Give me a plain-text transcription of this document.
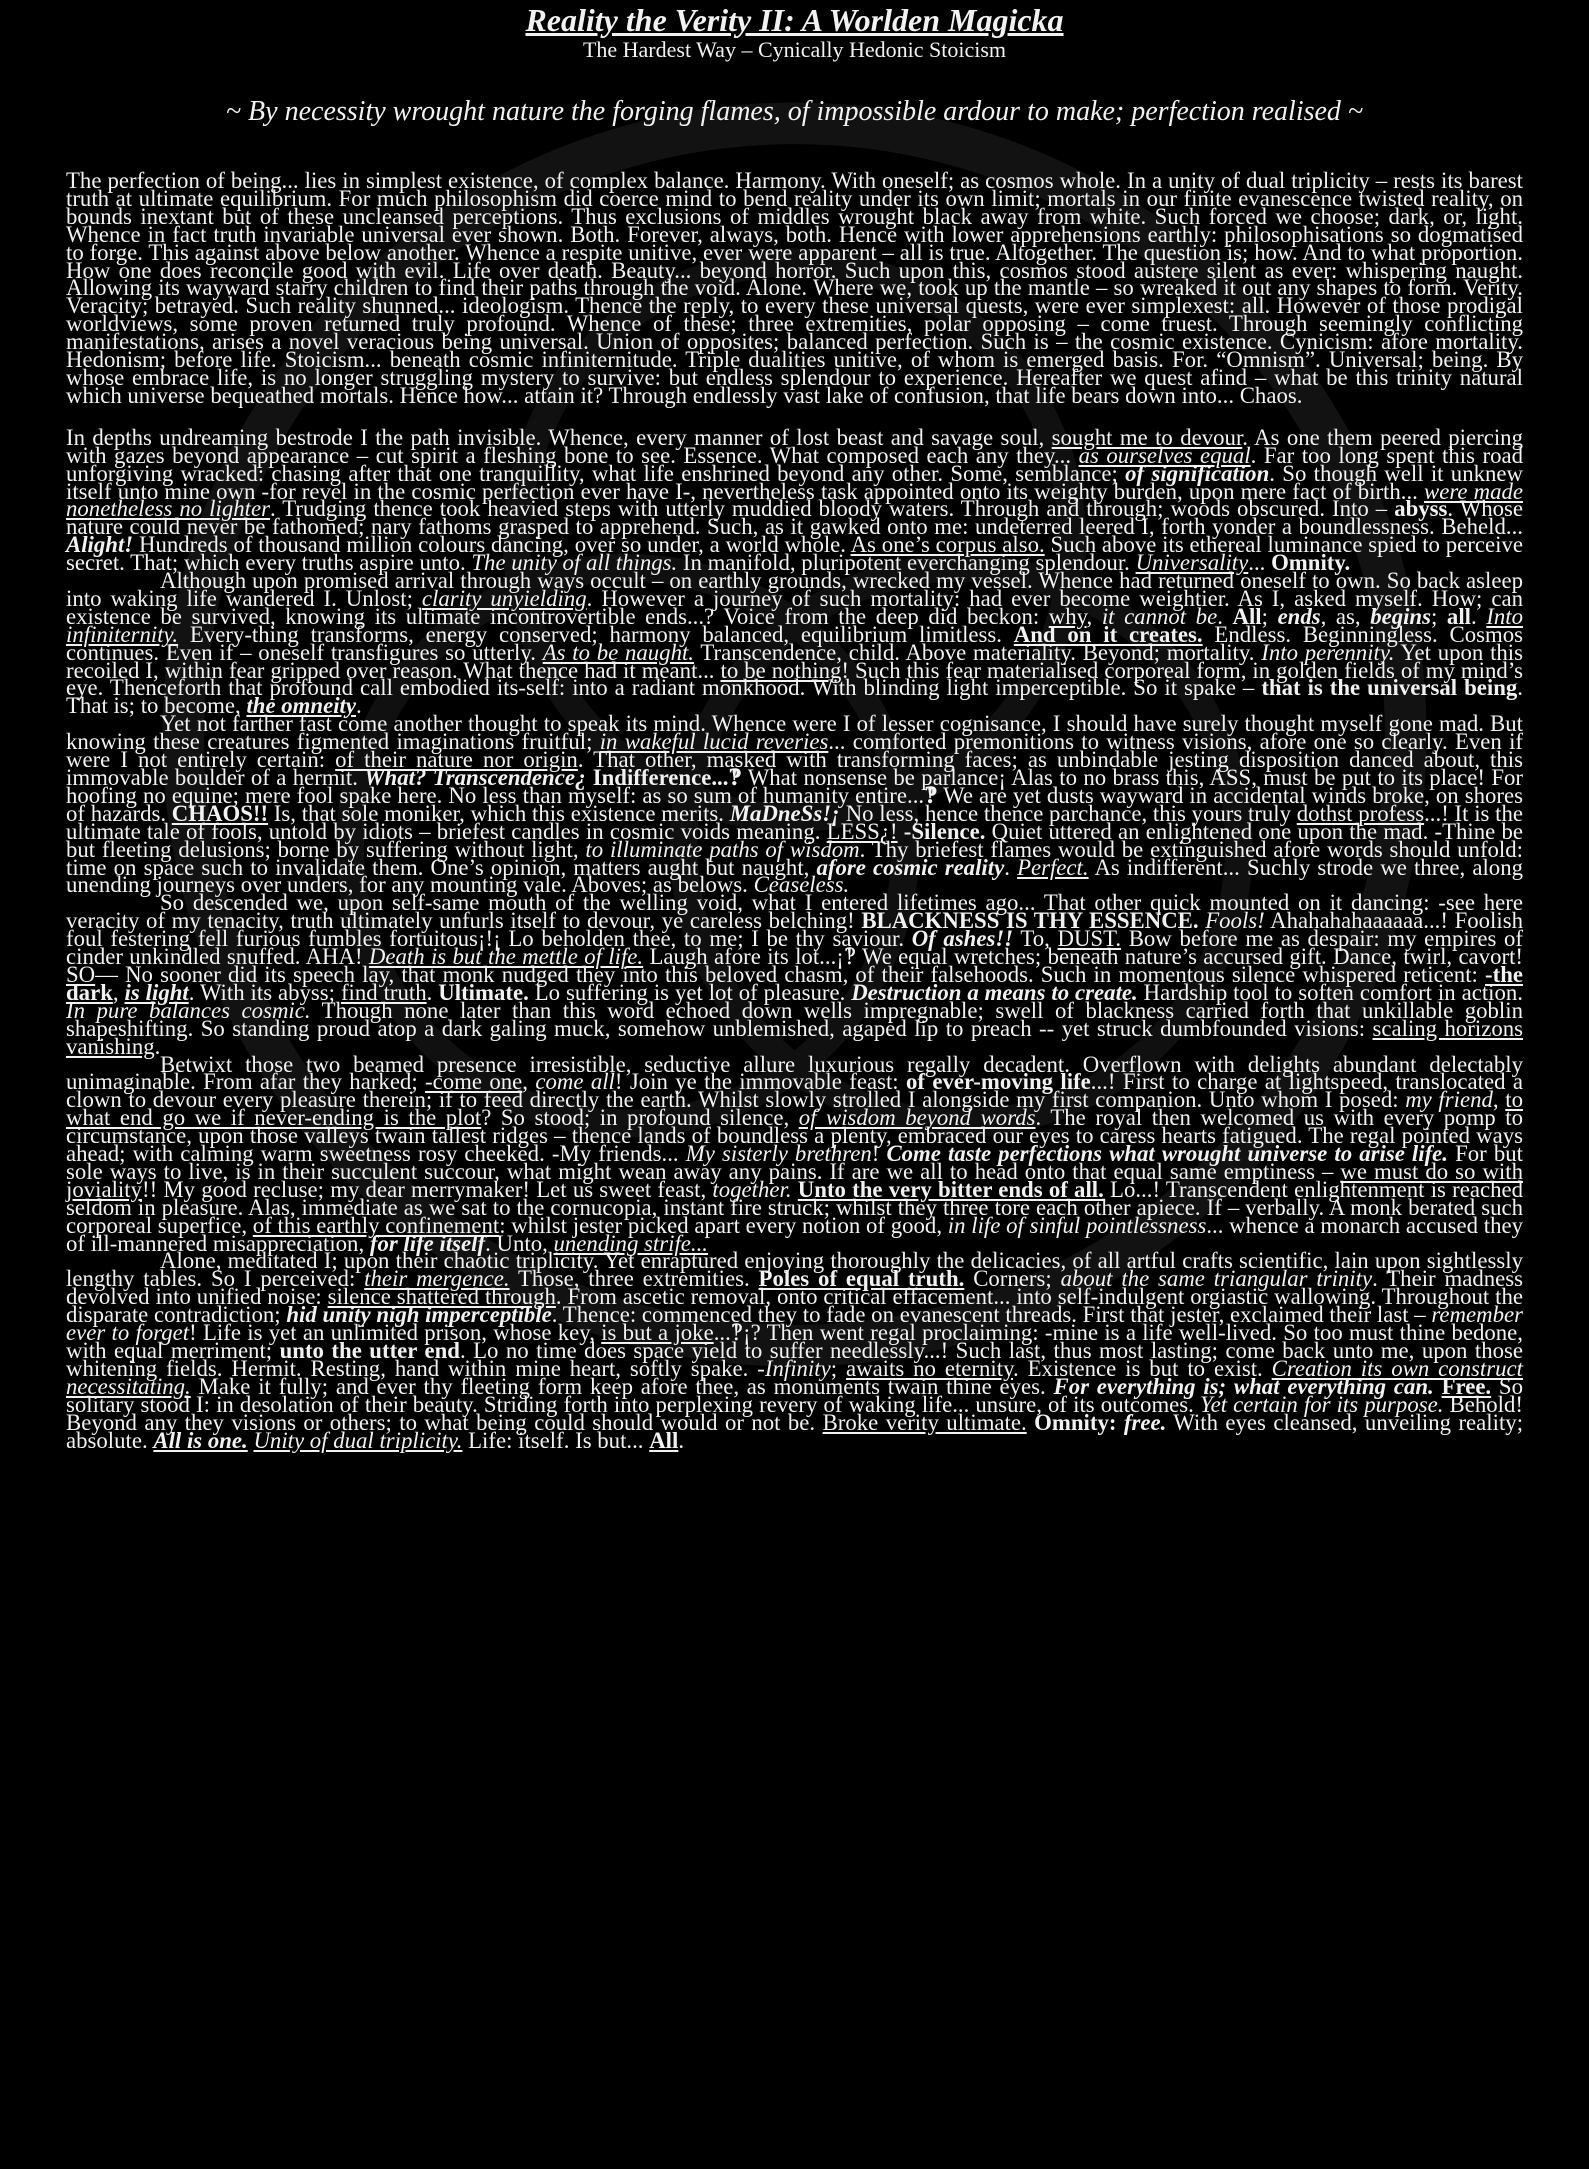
Reality the Verity II: A Worlden Magicka

The Hardest Way – Cynically Hedonic Stoicism

~ By necessity wrought nature the forging flames, of impossible ardour to make; perfection realised ~

The perfection of being... lies in simplest existence, of complex balance. Harmony. With oneself; as cosmos whole. In a unity of dual triplicity – rests its barest truth at ultimate equilibrium. For much philosophism did coerce mind to bend reality under its own limit; mortals in our finite evanescence twisted reality, on bounds inextant but of these uncleansed perceptions. Thus exclusions of middles wrought black away from white. Such forced we choose; dark, or, light. Whence in fact truth invariable universal ever shown. Both. Forever, always, both. Hence with lower apprehensions earthly: philosophisations so dogmatised to forge. This against above below another. Whence a respite unitive, ever were apparent – all is true. Altogether. The question is; how. And to what proportion. How one does reconcile good with evil. Life over death. Beauty... beyond horror. Such upon this, cosmos stood austere silent as ever: whispering naught. Allowing its wayward starry children to find their paths through the void. Alone. Where we, took up the mantle – so wreaked it out any shapes to form. Verity. Veracity; betrayed. Such reality shunned... ideologism. Thence the reply, to every these universal quests, were ever simplexest: all. However of those prodigal worldviews, some proven returned truly profound. Whence of these; three extremities, polar opposing – come truest. Through seemingly conflicting manifestations, arises a novel veracious being universal. Union of opposites; balanced perfection. Such is – the cosmic existence. Cynicism: afore mortality. Hedonism; before life. Stoicism... beneath cosmic infiniternitude. Triple dualities unitive, of whom is emerged basis. For. “Omnism”. Universal; being. By whose embrace life, is no longer struggling mystery to survive: but endless splendour to experience. Hereafter we quest afind – what be this trinity natural which universe bequeathed mortals. Hence how... attain it? Through endlessly vast lake of confusion, that life bears down into... Chaos.

In depths undreaming bestrode I the path invisible. Whence, every manner of lost beast and savage soul, sought me to devour. As one them peered piercing with gazes beyond appearance – cut spirit a fleshing bone to see. Essence. What composed each any they... as ourselves equal. Far too long spent this road unforgiving wracked: chasing after that one tranquillity, what life enshrined beyond any other. Some, semblance; of signification. So though well it unknew itself unto mine own -for revel in the cosmic perfection ever have I-, nevertheless task appointed onto its weighty burden, upon mere fact of birth... were made nonetheless no lighter. Trudging thence took heavied steps with utterly muddied bloody waters. Through and through; woods obscured. Into – abyss. Whose nature could never be fathomed; nary fathoms grasped to apprehend. Such, as it gawked onto me: undeterred leered I, forth yonder a boundlessness. Beheld... Alight! Hundreds of thousand million colours dancing, over so under, a world whole. As one’s corpus also. Such above its ethereal luminance spied to perceive secret. That; which every truths aspire unto. The unity of all things. In manifold, pluripotent everchanging splendour. Universality... Omnity.

Although upon promised arrival through ways occult – on earthly grounds, wrecked my vessel. Whence had returned oneself to own. So back asleep into waking life wandered I. Unlost; clarity unyielding. However a journey of such mortality: had ever become weightier. As I, asked myself. How; can existence be survived, knowing its ultimate incontrovertible ends...? Voice from the deep did beckon: why, it cannot be. All; ends, as, begins; all. Into infiniternity. Every-thing transforms, energy conserved; harmony balanced, equilibrium limitless. And on it creates. Endless. Beginningless. Cosmos continues. Even if – oneself transfigures so utterly. As to be naught. Transcendence, child. Above materiality. Beyond; mortality. Into perennity. Yet upon this recoiled I, within fear gripped over reason. What thence had it meant... to be nothing! Such this fear materialised corporeal form, in golden fields of my mind’s eye. Thenceforth that profound call embodied its-self: into a radiant monkhood. With blinding light imperceptible. So it spake – that is the universal being. That is; to become, the omneity.

Yet not farther fast come another thought to speak its mind. Whence were I of lesser cognisance, I should have surely thought myself gone mad. But knowing these creatures figmented imaginations fruitful; in wakeful lucid reveries... comforted premonitions to witness visions, afore one so clearly. Even if were I not entirely certain: of their nature nor origin. That other, masked with transforming faces; as unbindable jesting disposition danced about, this immovable boulder of a hermit. What? Transcendence¿ Indifference...‽ What nonsense be parlance¡ Alas to no brass this, ASS, must be put to its place! For hoofing no equine; mere fool spake here. No less than myself: as so sum of humanity entire...‽ We are yet dusts wayward in accidental winds broke, on shores of hazards. CHAOS!! Is, that sole moniker, which this existence merits. MaDneSs!¡ No less, hence thence parchance, this yours truly dothst profess...! It is the ultimate tale of fools, untold by idiots – briefest candles in cosmic voids meaning. LESS¿! -Silence. Quiet uttered an enlightened one upon the mad. -Thine be but fleeting delusions; borne by suffering without light, to illuminate paths of wisdom. Thy briefest flames would be extinguished afore words should unfold: time on space such to invalidate them. One’s opinion, matters aught but naught, afore cosmic reality. Perfect. As indifferent... Suchly strode we three, along unending journeys over unders, for any mounting vale. Aboves; as belows. Ceaseless.

So descended we, upon self-same mouth of the welling void, what I entered lifetimes ago... That other quick mounted on it dancing: -see here veracity of my tenacity, truth ultimately unfurls itself to devour, ye careless belching! BLACKNESS IS THY ESSENCE. Fools! Ahahahahaaaaaa...! Foolish foul festering fell furious fumbles fortuitous¡!¡ Lo beholden thee, to me; I be thy saviour. Of ashes!! To, DUST. Bow before me as despair: my empires of cinder unkindled snuffed. AHA! Death is but the mettle of life. Laugh afore its lot...¡‽ We equal wretches; beneath nature’s accursed gift. Dance, twirl, cavort! SO— No sooner did its speech lay, that monk nudged they into this beloved chasm, of their falsehoods. Such in momentous silence whispered reticent: -the dark, is light. With its abyss; find truth. Ultimate. Lo suffering is yet lot of pleasure. Destruction a means to create. Hardship tool to soften comfort in action. In pure balances cosmic. Though none later than this word echoed down wells impregnable; swell of blackness carried forth that unkillable goblin shapeshifting. So standing proud atop a dark galing muck, somehow unblemished, agaped lip to preach -- yet struck dumbfounded visions: scaling horizons vanishing.

Betwixt those two beamed presence irresistible, seductive allure luxurious regally decadent. Overflown with delights abundant delectably unimaginable. From afar they harked; -come one, come all! Join ye the immovable feast: of ever-moving life...! First to charge at lightspeed, translocated a clown to devour every pleasure therein; if to feed directly the earth. Whilst slowly strolled I alongside my first companion. Unto whom I posed: my friend, to what end go we if never-ending is the plot? So stood; in profound silence, of wisdom beyond words. The royal then welcomed us with every pomp to circumstance, upon those valleys twain tallest ridges – thence lands of boundless a plenty, embraced our eyes to caress hearts fatigued. The regal pointed ways ahead; with calming warm sweetness rosy cheeked. -My friends... My sisterly brethren! Come taste perfections what wrought universe to arise life. For but sole ways to live, is in their succulent succour, what might wean away any pains. If are we all to head onto that equal same emptiness – we must do so with joviality!! My good recluse; my dear merrymaker! Let us sweet feast, together. Unto the very bitter ends of all. Lo...! Transcendent enlightenment is reached seldom in pleasure. Alas, immediate as we sat to the cornucopia, instant fire struck; whilst they three tore each other apiece. If – verbally. A monk berated such corporeal superfice, of this earthly confinement: whilst jester picked apart every notion of good, in life of sinful pointlessness... whence a monarch accused they of ill-mannered misappreciation, for life itself. Unto, unending strife...

Alone, meditated I; upon their chaotic triplicity. Yet enraptured enjoying thoroughly the delicacies, of all artful crafts scientific, lain upon sightlessly lengthy tables. So I perceived: their mergence. Those, three extremities. Poles of equal truth. Corners; about the same triangular trinity. Their madness devolved into unified noise: silence shattered through. From ascetic removal, onto critical effacement... into self-indulgent orgiastic wallowing. Throughout the disparate contradiction; hid unity nigh imperceptible. Thence: commenced they to fade on evanescent threads. First that jester, exclaimed their last – remember ever to forget! Life is yet an unlimited prison, whose key, is but a joke...‽¡? Then went regal proclaiming: -mine is a life well-lived. So too must thine bedone, with equal merriment; unto the utter end. Lo no time does space yield to suffer needlessly...! Such last, thus most lasting; come back unto me, upon those whitening fields. Hermit. Resting, hand within mine heart, softly spake. -Infinity; awaits no eternity. Existence is but to exist. Creation its own construct necessitating. Make it fully; and ever thy fleeting form keep afore thee, as monuments twain thine eyes. For everything is; what everything can. Free. So solitary stood I: in desolation of their beauty. Striding forth into perplexing revery of waking life... unsure, of its outcomes. Yet certain for its purpose. Behold! Beyond any they visions or others; to what being could should would or not be. Broke verity ultimate. Omnity: free. With eyes cleansed, unveiling reality; absolute. All is one. Unity of dual triplicity. Life: itself. Is but... All.
